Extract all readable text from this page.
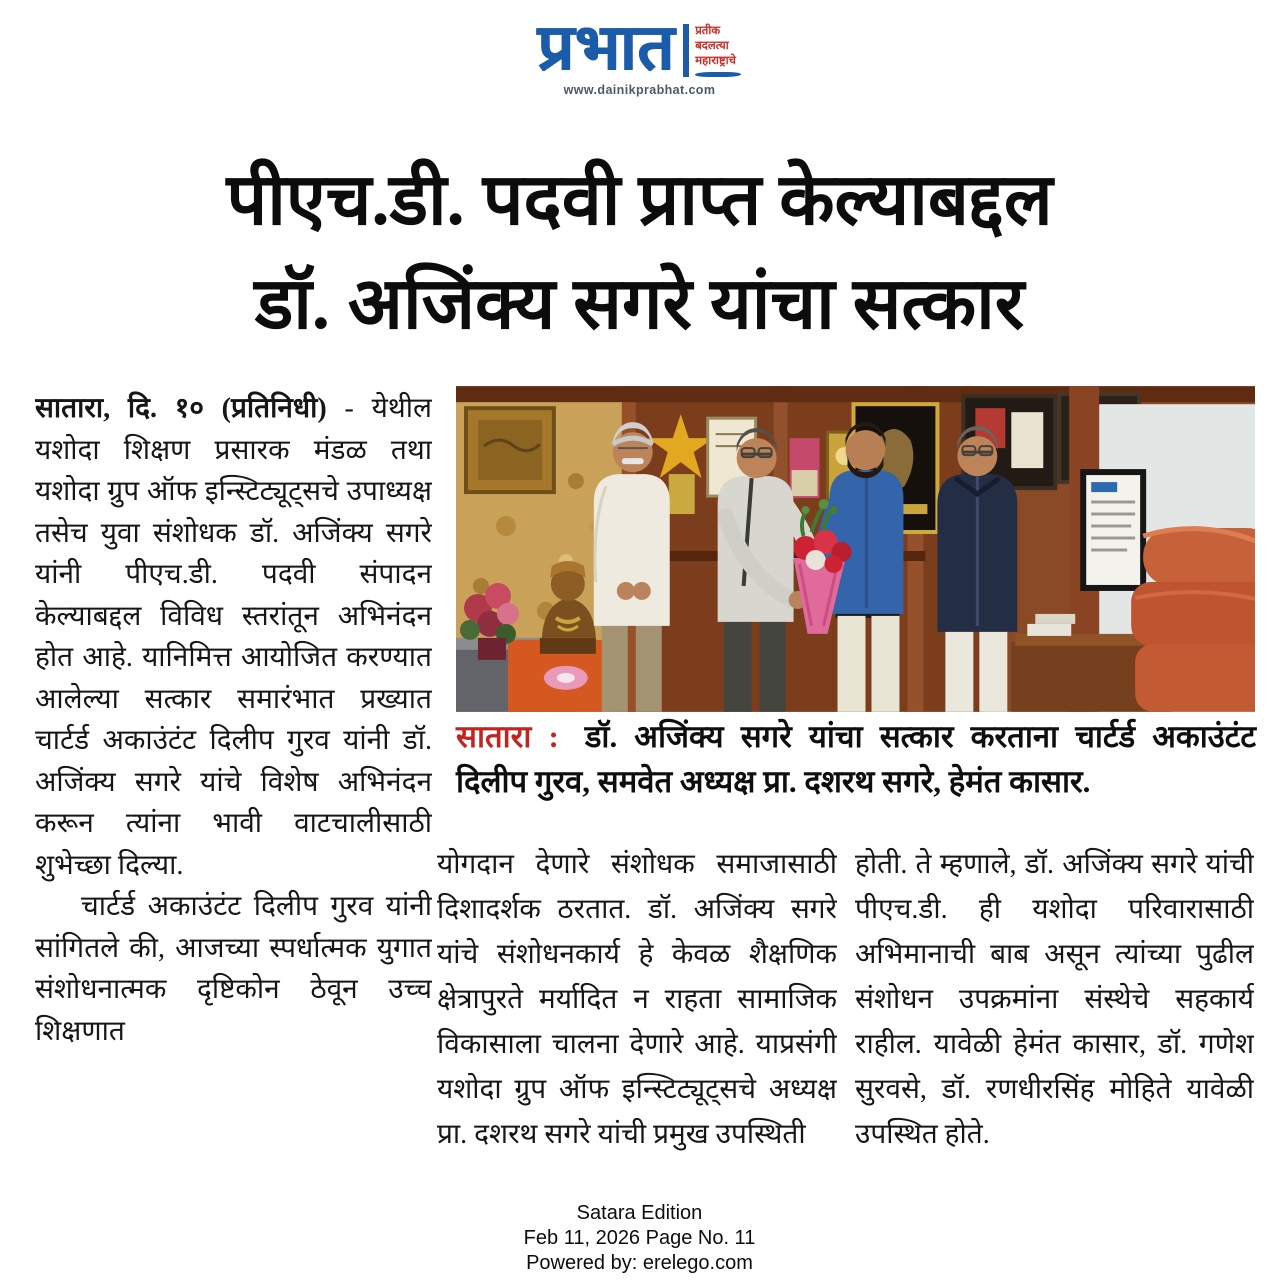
प्रभात प्रतीक
बदलत्या
महाराष्ट्राचे
www.dainikprabhat.com
पीएच.डी. पदवी प्राप्त केल्याबद्दल
डॉ. अजिंक्य सगरे यांचा सत्कार

सातारा, दि. १० (प्रतिनिधी) - येथील यशोदा शिक्षण प्रसारक मंडळ तथा यशोदा ग्रुप ऑफ इन्स्टिट्यूट्सचे उपाध्यक्ष तसेच युवा संशोधक डॉ. अजिंक्य सगरे यांनी पीएच.डी. पदवी संपादन केल्याबद्दल विविध स्तरांतून अभिनंदन होत आहे. यानिमित्त आयोजित करण्यात आलेल्या सत्कार समारंभात प्रख्यात चार्टर्ड अकाउंटंट दिलीप गुरव यांनी डॉ. अजिंक्य सगरे यांचे विशेष अभिनंदन करून त्यांना भावी वाटचालीसाठी शुभेच्छा दिल्या.

चार्टर्ड अकाउंटंट दिलीप गुरव यांनी सांगितले की, आजच्या स्पर्धात्मक युगात संशोधनात्मक दृष्टिकोन ठेवून उच्च शिक्षणात

सातारा : डॉ. अजिंक्य सगरे यांचा सत्कार करताना चार्टर्ड अकाउंटंट दिलीप गुरव, समवेत अध्यक्ष प्रा. दशरथ सगरे, हेमंत कासार.
योगदान देणारे संशोधक समाजासाठी दिशादर्शक ठरतात. डॉ. अजिंक्य सगरे यांचे संशोधनकार्य हे केवळ शैक्षणिक क्षेत्रापुरते मर्यादित न राहता सामाजिक विकासाला चालना देणारे आहे. याप्रसंगी यशोदा ग्रुप ऑफ इन्स्टिट्यूट्सचे अध्यक्ष प्रा. दशरथ सगरे यांची प्रमुख उपस्थिती
होती. ते म्हणाले, डॉ. अजिंक्य सगरे यांची पीएच.डी. ही यशोदा परिवारासाठी अभिमानाची बाब असून त्यांच्या पुढील संशोधन उपक्रमांना संस्थेचे सहकार्य राहील. यावेळी हेमंत कासार, डॉ. गणेश सुरवसे, डॉ. रणधीरसिंह मोहिते यावेळी उपस्थित होते.
Satara Edition
Feb 11, 2026 Page No. 11
Powered by: erelego.com
